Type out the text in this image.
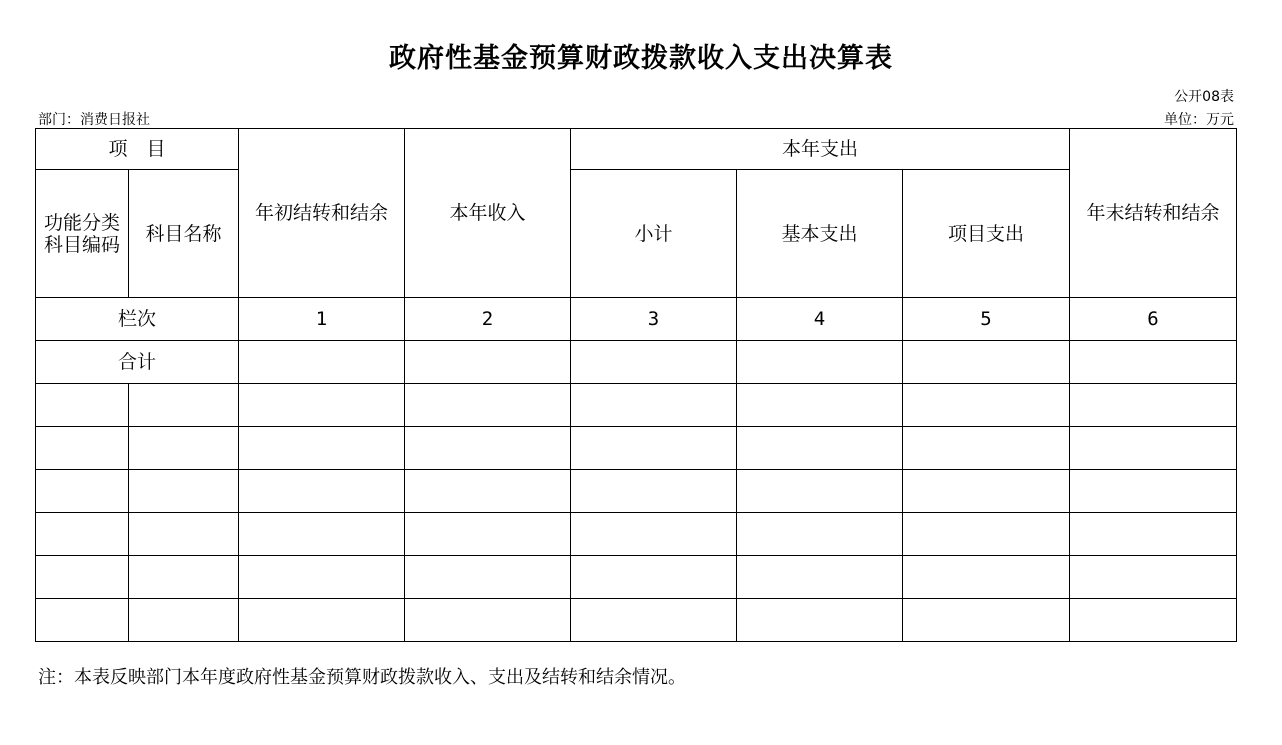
政府性基金预算财政拨款收入支出决算表
公开08表
部门：消费日报社	单位：万元
项　目		年初结转和结余	本年收入	本年支出			年末结转和结余
功能分类科目编码	科目名称			小计	基本支出	项目支出	
栏次		1	2	3	4	5	6
合计							

注：本表反映部门本年度政府性基金预算财政拨款收入、支出及结转和结余情况。
